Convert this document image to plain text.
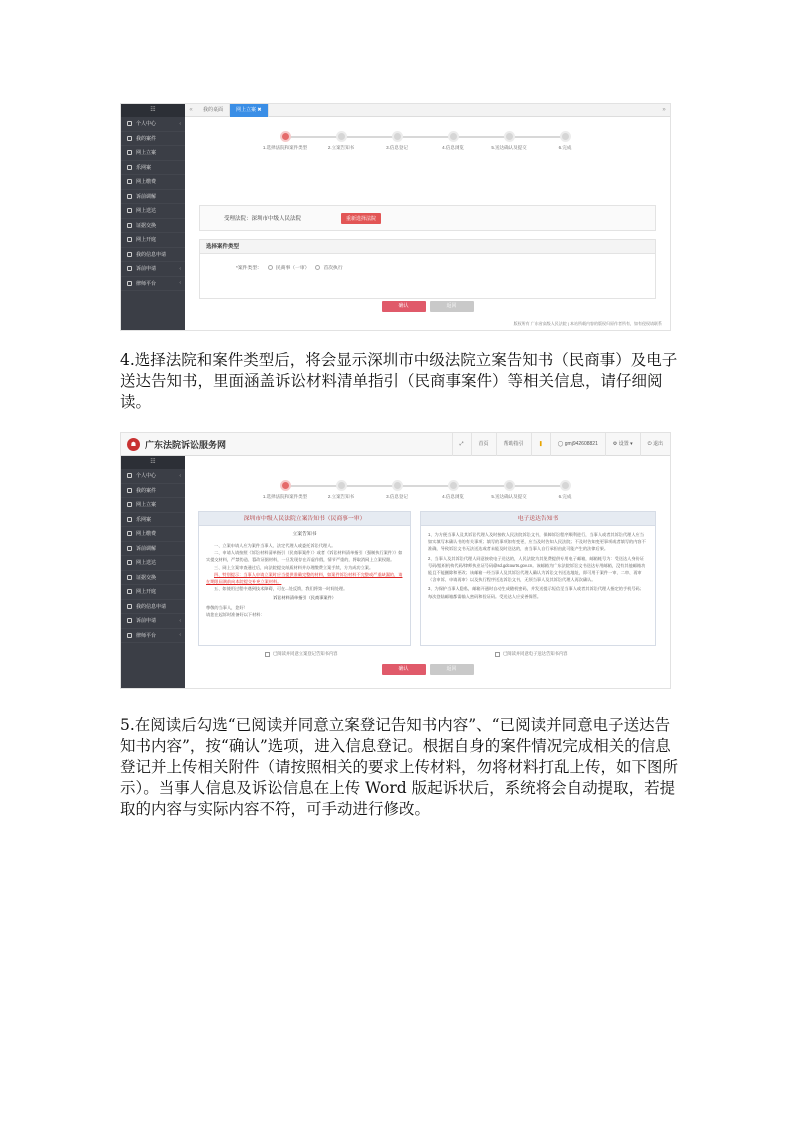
☷
个人中心	‹
我的案件
网上立案
乐网案
网上缴费
诉前调解
网上送达
证据交换
网上开庭
我的信息申请
诉前申请	‹
律师平台	‹
«	我的桌面	网上立案 ✖	»
1.选择法院和案件类型	2.立案告知书	3.信息登记	4.信息浏览	5.送达确认及提交	6.完成
受理法院： 深圳市中级人民法院	重新选择法院
选择案件类型
*案件类型：	民商事（一审）	首次执行
确认	返回
版权所有 广东省高级人民法院 | 本站所载内容的版权归原作者所有，如有侵权请联系
4.选择法院和案件类型后，将会显示深圳市中级法院立案告知书（民商事）及电子送达告知书，里面涵盖诉讼材料清单指引（民商事案件）等相关信息，请仔细阅读。
☗ 广东法院诉讼服务网	⤢	首页	帮助指引	❚	◯ gmj942608821	⚙ 设置 ▾	⏻ 退出
☷
个人中心	‹
我的案件
网上立案
乐网案
网上缴费
诉前调解
网上送达
证据交换
网上开庭
我的信息申请
诉前申请	‹
律师平台	‹
1.选择法院和案件类型	2.立案告知书	3.信息登记	4.信息浏览	5.送达确认及提交	6.完成
深圳市中级人民法院立案告知书（民商事一审）
立案告知书
一、立案申请人应为案件当事人、法定代理人或委托诉讼代理人。
二、申请人请按照《诉讼材料清单指引（民商事案件）》或者《诉讼材料清单指引（强制执行案件）》如实提交材料，严禁伪造、篡改证据材料，一旦发现存在弄虚作假，情节严重的，将取消网上立案权限。
三、网上立案审查通过后，向法院提交纸质材料并办理缴费立案手续，方为成功立案。
四、特别提示：当事人申请立案时应当提供准确完整的材料，如案件诉讼材料不完整或严重缺漏的，请在期限届满前向本院提交补充立案材料。
五、如使用过程中遇到技术障碍，可在...处反馈，我们将第一时间处理。
诉讼材料清单指引（民商事案件）
尊敬的当事人，您好！
请您在起诉时准备好以下材料：
电子送达告知书
1、为方便当事人及其诉讼代理人及时接收人民法院诉讼文书，保障诉讼程序顺利进行，当事人或者其诉讼代理人应当如实填写本确认书的有关事项；填写的事项如有变更，应当及时告知人民法院；不及时告知变更事项或者填写的内容不准确，导致诉讼文书无法送达或者未能及时送达的，由当事人自行承担由此可能产生的法律后果。
2、当事人及其诉讼代理人同意接收电子送达的，人民法院为其免费提供专用电子邮箱，邮箱帐号为：受送达人身份证号码/组织机构代码/律师执业证号码@sd.gdcourts.gov.cn。该邮箱为广东法院诉讼文书送达专用邮箱，没有其他邮箱功能且不能删除和更改；该邮箱一经当事人及其诉讼代理人确认为诉讼文书送达地址，即可用于案件一审、二审、再审（含申诉、申请再审）以及执行程序送达诉讼文书，无须当事人及其诉讼代理人再次确认。
3、为保护当事人隐私，邮箱开通时自动生成随机密码，并发送提示短信至当事人或者其诉讼代理人指定的手机号码；每次登陆邮箱都需输入密码和验证码。受送达人应妥善保管。
已阅读并同意立案登记告知书内容	已阅读并同意电子送达告知书内容
确认	返回
5.在阅读后勾选“已阅读并同意立案登记告知书内容”、“已阅读并同意电子送达告知书内容”，按“确认”选项，进入信息登记。根据自身的案件情况完成相关的信息登记并上传相关附件（请按照相关的要求上传材料，勿将材料打乱上传，如下图所示）。当事人信息及诉讼信息在上传 Word 版起诉状后，系统将会自动提取，若提取的内容与实际内容不符，可手动进行修改。
